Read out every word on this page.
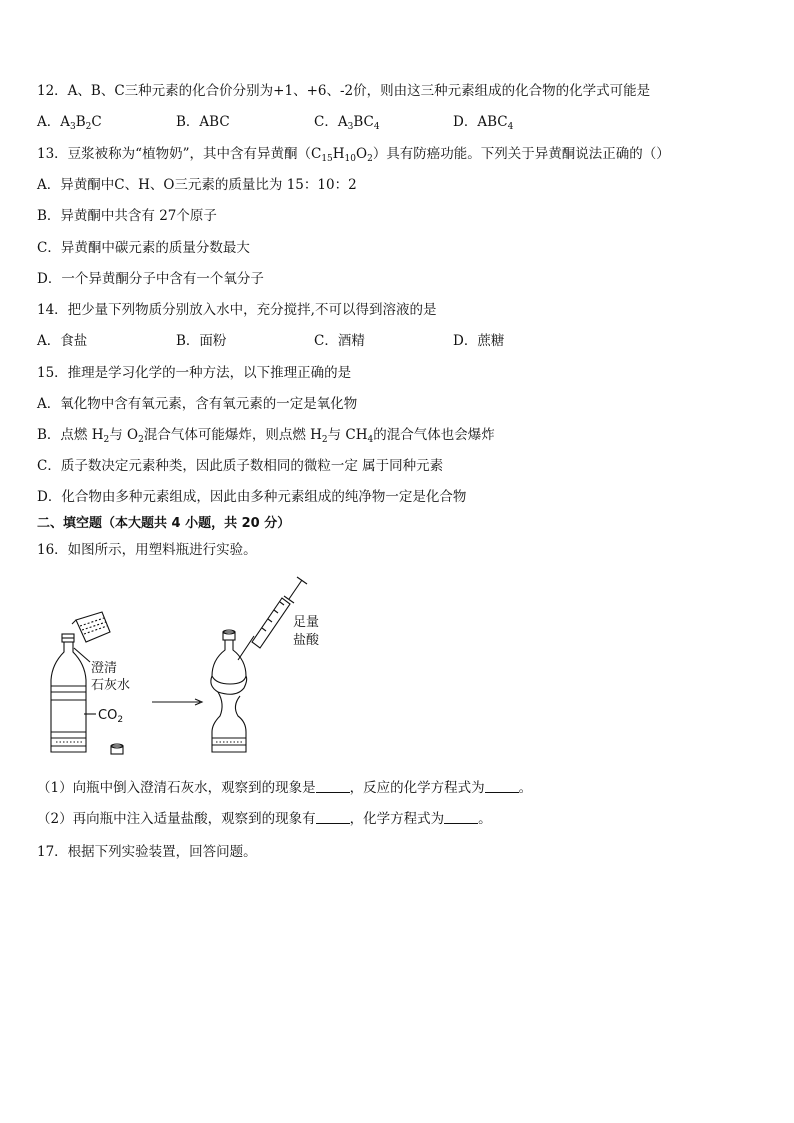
12．A、B、C三种元素的化合价分别为+1、+6、-2价，则由这三种元素组成的化合物的化学式可能是
A．$A_3B_2C$	B．ABC	C．$A_3BC_4$	D．$ABC_4$
13．豆浆被称为“植物奶”，其中含有异黄酮$(C_{15}H_{10}O_2)$具有防癌功能。下列关于异黄酮说法正确的（）
A．异黄酮中C、H、O三元素的质量比为 15：10：2
B．异黄酮中共含有 27个原子
C．异黄酮中碳元素的质量分数最大
D．一个异黄酮分子中含有一个氧分子
14．把少量下列物质分别放入水中，充分搅拌,不可以得到溶液的是
A．食盐	B．面粉	C．酒精	D．蔗糖
15．推理是学习化学的一种方法，以下推理正确的是
A．氧化物中含有氧元素，含有氧元素的一定是氧化物
B．点燃 $H_2$与 $O_2$混合气体可能爆炸，则点燃 $H_2$与 $CH_4$的混合气体也会爆炸
C．质子数决定元素种类，因此质子数相同的微粒一定 属于同种元素
D．化合物由多种元素组成，因此由多种元素组成的纯净物一定是化合物
二、填空题（本大题共 4 小题，共 20 分）
16．如图所示，用塑料瓶进行实验。
澄清
石灰水
$CO_2$
足量
盐酸
（1）向瓶中倒入澄清石灰水，观察到的现象是	，反应的化学方程式为	。
（2）再向瓶中注入适量盐酸，观察到的现象有	，化学方程式为	。
17．根据下列实验装置，回答问题。
